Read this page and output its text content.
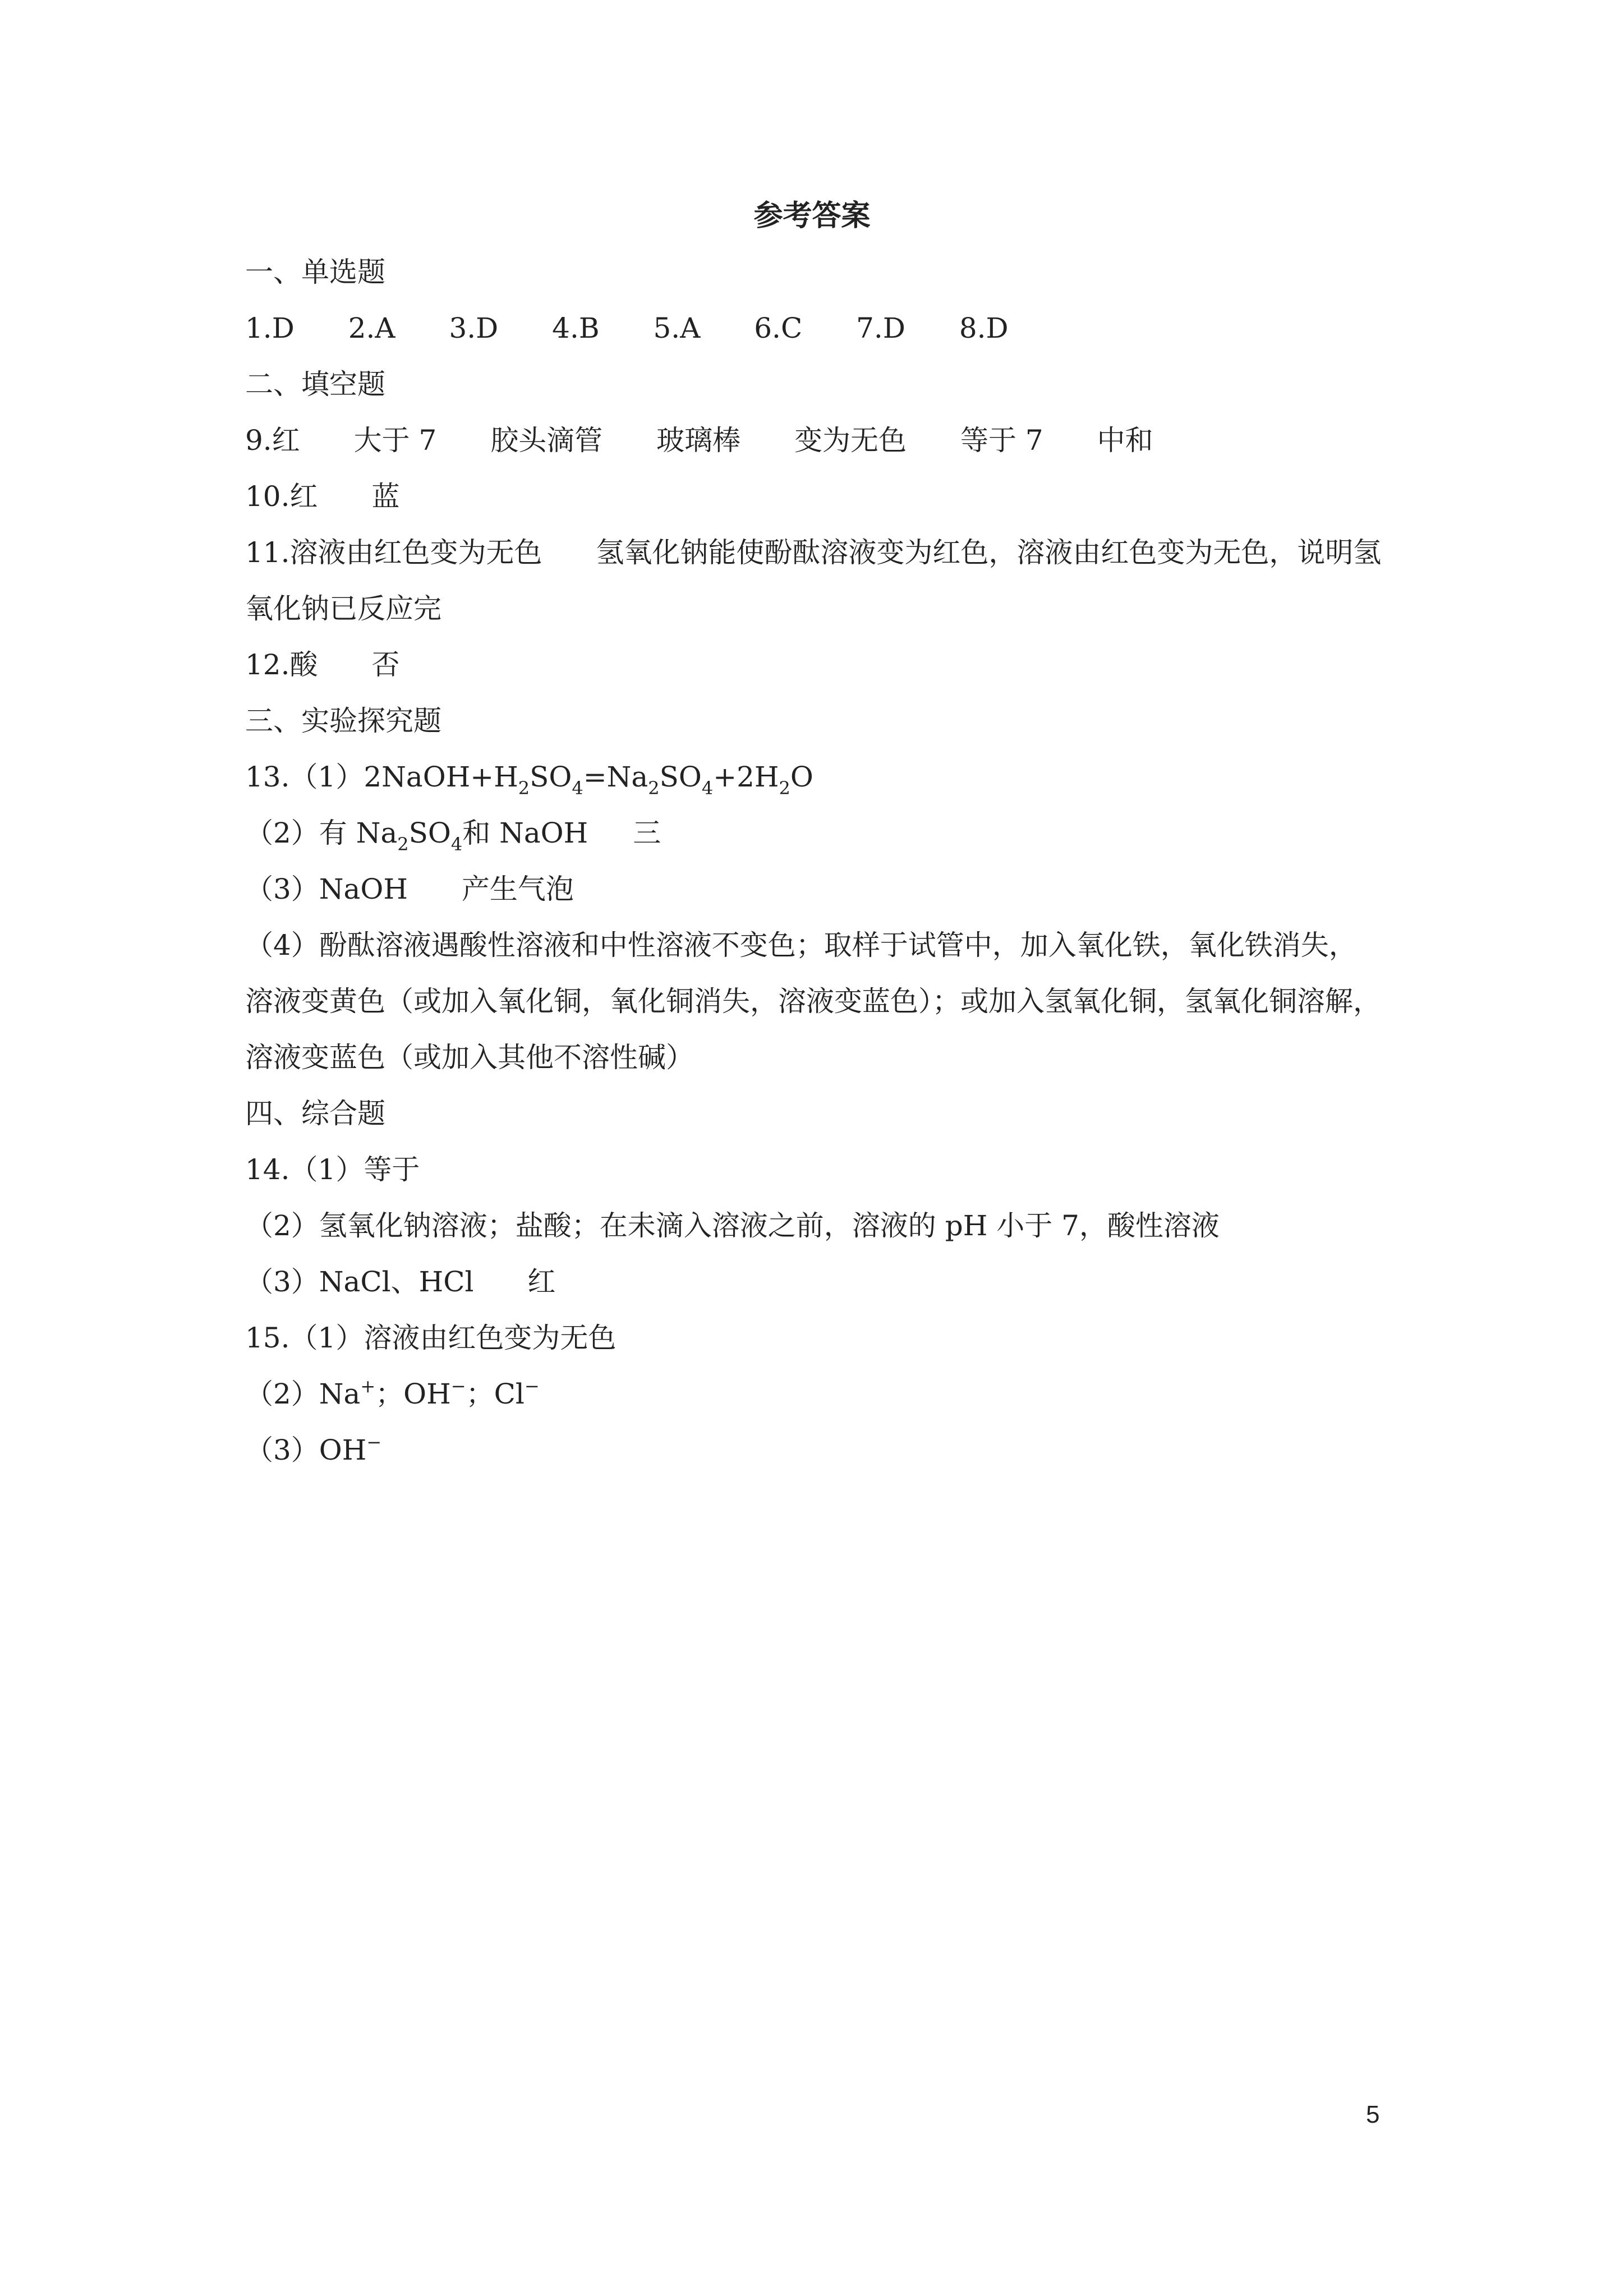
参考答案
一、单选题
1.D 2.A 3.D 4.B 5.A 6.C 7.D 8.D
二、填空题
9.红 大于 7 胶头滴管 玻璃棒 变为无色 等于 7 中和
10.红 蓝
11.溶液由红色变为无色 氢氧化钠能使酚酞溶液变为红色，溶液由红色变为无色，说明氢
氧化钠已反应完
12.酸 否
三、实验探究题
$13.(1)2NaOH+H_2SO_4=Na_2SO_4+2H_2O$
（2）有 $Na_2SO_4$和 NaOH 三
（3）NaOH 产生气泡
（4）酚酞溶液遇酸性溶液和中性溶液不变色；取样于试管中，加入氧化铁，氧化铁消失，
溶液变黄色（或加入氧化铜，氧化铜消失，溶液变蓝色）；或加入氢氧化铜，氢氧化铜溶解，
溶液变蓝色（或加入其他不溶性碱）
四、综合题
14.（1）等于
（2）氢氧化钠溶液；盐酸；在未滴入溶液之前，溶液的 pH 小于 7，酸性溶液
（3）NaCl、HCl 红
15.（1）溶液由红色变为无色
（2）Na+；OH−；Cl−
（3）OH−
5
